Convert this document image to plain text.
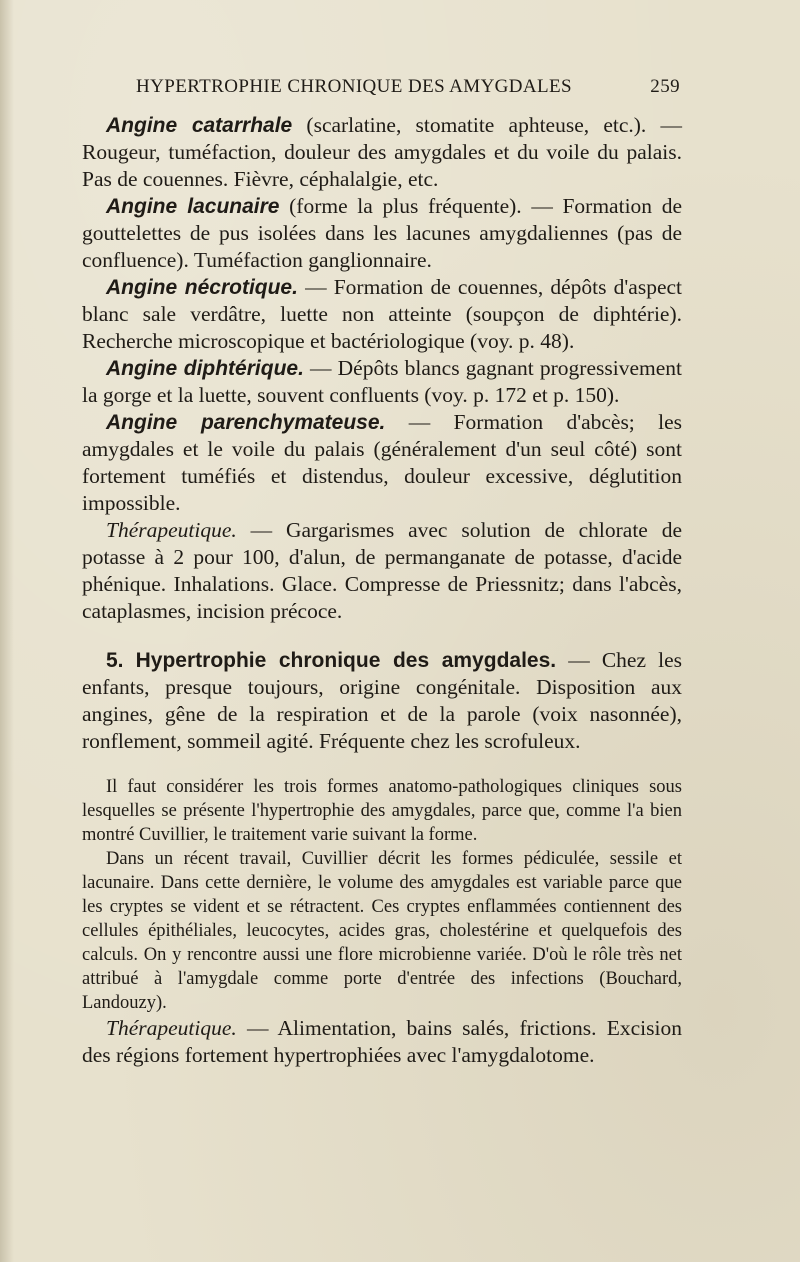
HYPERTROPHIE CHRONIQUE DES AMYGDALES	259

Angine catarrhale (scarlatine, stomatite aphteuse, etc.). — Rougeur, tuméfaction, douleur des amygdales et du voile du palais. Pas de couennes. Fièvre, céphalalgie, etc.

Angine lacunaire (forme la plus fréquente). — Formation de gouttelettes de pus isolées dans les lacunes amygdaliennes (pas de confluence). Tuméfaction ganglionnaire.

Angine nécrotique. — Formation de couennes, dépôts d'aspect blanc sale verdâtre, luette non atteinte (soupçon de diphtérie). Recherche microscopique et bactériologique (voy. p. 48).

Angine diphtérique. — Dépôts blancs gagnant progressivement la gorge et la luette, souvent confluents (voy. p. 172 et p. 150).

Angine parenchymateuse. — Formation d'abcès; les amygdales et le voile du palais (généralement d'un seul côté) sont fortement tuméfiés et distendus, douleur excessive, déglutition impossible.

Thérapeutique. — Gargarismes avec solution de chlorate de potasse à 2 pour 100, d'alun, de permanganate de potasse, d'acide phénique. Inhalations. Glace. Compresse de Priessnitz; dans l'abcès, cataplasmes, incision précoce.

5. Hypertrophie chronique des amygdales. — Chez les enfants, presque toujours, origine congénitale. Disposition aux angines, gêne de la respiration et de la parole (voix nasonnée), ronflement, sommeil agité. Fréquente chez les scrofuleux.

Il faut considérer les trois formes anatomo-pathologiques cliniques sous lesquelles se présente l'hypertrophie des amygdales, parce que, comme l'a bien montré Cuvillier, le traitement varie suivant la forme.

Dans un récent travail, Cuvillier décrit les formes pédiculée, sessile et lacunaire. Dans cette dernière, le volume des amygdales est variable parce que les cryptes se vident et se rétractent. Ces cryptes enflammées contiennent des cellules épithéliales, leucocytes, acides gras, cholestérine et quelquefois des calculs. On y rencontre aussi une flore microbienne variée. D'où le rôle très net attribué à l'amygdale comme porte d'entrée des infections (Bouchard, Landouzy).

Thérapeutique. — Alimentation, bains salés, frictions. Excision des régions fortement hypertrophiées avec l'amygdalotome.
